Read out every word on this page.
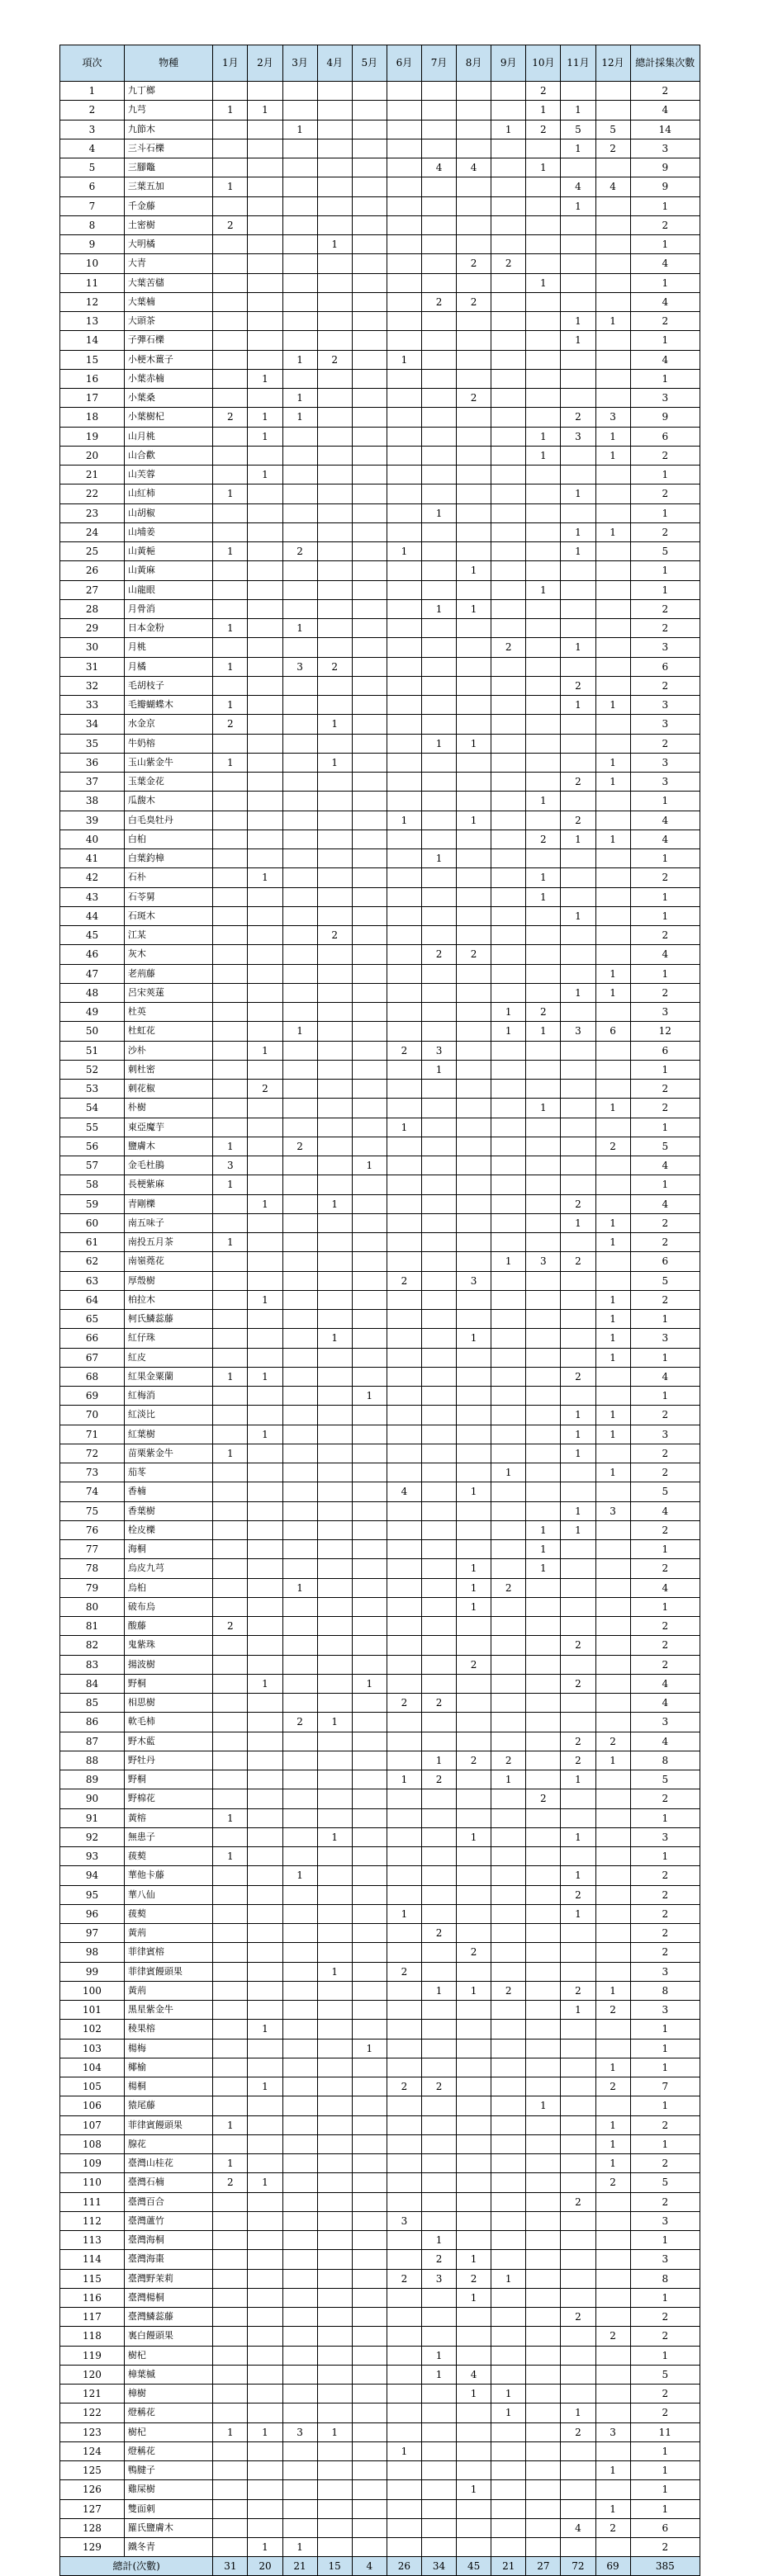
項次	物種	1月	2月	3月	4月	5月	6月	7月	8月	9月	10月	11月	12月	總計採集次數
1	九丁榔										2			2
2	九芎	1	1								1	1		4
3	九節木			1						1	2	5	5	14
4	三斗石櫟											1	2	3
5	三腳鼈							4	4		1			9
6	三葉五加	1										4	4	9
7	千金藤											1		1
8	土密樹	2												2
9	大明橘				1									1
10	大青								2	2				4
11	大葉苦櫧										1			1
12	大葉楠							2	2					4
13	大頭茶											1	1	2
14	子彈石櫟											1		1
15	小梗木薑子			1	2		1							4
16	小葉赤楠		1											1
17	小葉桑			1					2					3
18	小葉樹杞	2	1	1								2	3	9
19	山月桃		1								1	3	1	6
20	山合歡										1		1	2
21	山芙蓉		1											1
22	山紅柿	1										1		2
23	山胡椒							1						1
24	山埔姜											1	1	2
25	山黃梔	1		2			1					1		5
26	山黃麻								1					1
27	山龍眼										1			1
28	月骨消							1	1					2
29	日本金粉	1		1										2
30	月桃									2		1		3
31	月橘	1		3	2									6
32	毛胡枝子											2		2
33	毛瓣蝴蝶木	1										1	1	3
34	水金京	2			1									3
35	牛奶榕							1	1					2
36	玉山紫金牛	1			1								1	3
37	玉葉金花											2	1	3
38	瓜馥木										1			1
39	白毛臭牡丹						1		1			2		4
40	白桕										2	1	1	4
41	白葉釣樟							1						1
42	石朴		1								1			2
43	石苓舅										1			1
44	石斑木											1		1
45	江某				2									2
46	灰木							2	2					4
47	老荊藤												1	1
48	呂宋莢蒾											1	1	2
49	杜英									1	2			3
50	杜虹花			1						1	1	3	6	12
51	沙朴		1				2	3						6
52	刺杜密							1						1
53	刺花椒		2											2
54	朴樹										1		1	2
55	東亞魔芋						1							1
56	鹽膚木	1		2									2	5
57	金毛杜鵑	3				1								4
58	長梗紫麻	1												1
59	青剛櫟		1		1							2		4
60	南五味子											1	1	2
61	南投五月茶	1											1	2
62	南嶺蕘花									1	3	2		6
63	厚殼樹						2		3					5
64	柏拉木		1										1	2
65	柯氏鱗蕊藤												1	1
66	紅仔珠				1				1				1	3
67	紅皮												1	1
68	紅果金粟蘭	1	1									2		4
69	紅梅消					1								1
70	紅淡比											1	1	2
71	紅葉樹		1									1	1	3
72	苗栗紫金牛	1										1		2
73	茄苳									1			1	2
74	香楠						4		1					5
75	香葉樹											1	3	4
76	栓皮櫟										1	1		2
77	海桐										1			1
78	烏皮九芎								1		1			2
79	烏桕			1					1	2				4
80	破布烏								1					1
81	酸藤	2												2
82	鬼紫珠											2		2
83	揚波樹								2					2
84	野桐		1			1						2		4
85	相思樹						2	2						4
86	軟毛柿			2	1									3
87	野木藍											2	2	4
88	野牡丹							1	2	2		2	1	8
89	野桐						1	2		1		1		5
90	野棉花										2			2
91	黃榕	1												1
92	無患子				1				1			1		3
93	菝葜	1												1
94	華他卡藤			1								1		2
95	華八仙											2		2
96	菝葜						1					1		2
97	黃荊							2						2
98	菲律賓榕								2					2
99	菲律賓饅頭果				1		2							3
100	黃荊							1	1	2		2	1	8
101	黑星紫金牛											1	2	3
102	稜果榕		1											1
103	楊梅					1								1
104	椰榆												1	1
105	楊桐		1				2	2					2	7
106	猿尾藤										1			1
107	菲律賓饅頭果	1											1	2
108	腺花												1	1
109	臺灣山桂花	1											1	2
110	臺灣石楠	2	1										2	5
111	臺灣百合											2		2
112	臺灣蘆竹						3							3
113	臺灣海桐							1						1
114	臺灣海棗							2	1					3
115	臺灣野茉莉						2	3	2	1				8
116	臺灣楊桐								1					1
117	臺灣鱗蕊藤											2		2
118	裏白饅頭果												2	2
119	樹杞							1						1
120	樟葉槭							1	4					5
121	樟樹								1	1				2
122	燈稱花									1		1		2
123	樹杞	1	1	3	1							2	3	11
124	燈稱花						1							1
125	鴨腱子												1	1
126	雞屎樹								1					1
127	雙面刺												1	1
128	羅氏鹽膚木											4	2	6
129	鐵冬青		1	1										2
總計(次數)		31	20	21	15	4	26	34	45	21	27	72	69	385
